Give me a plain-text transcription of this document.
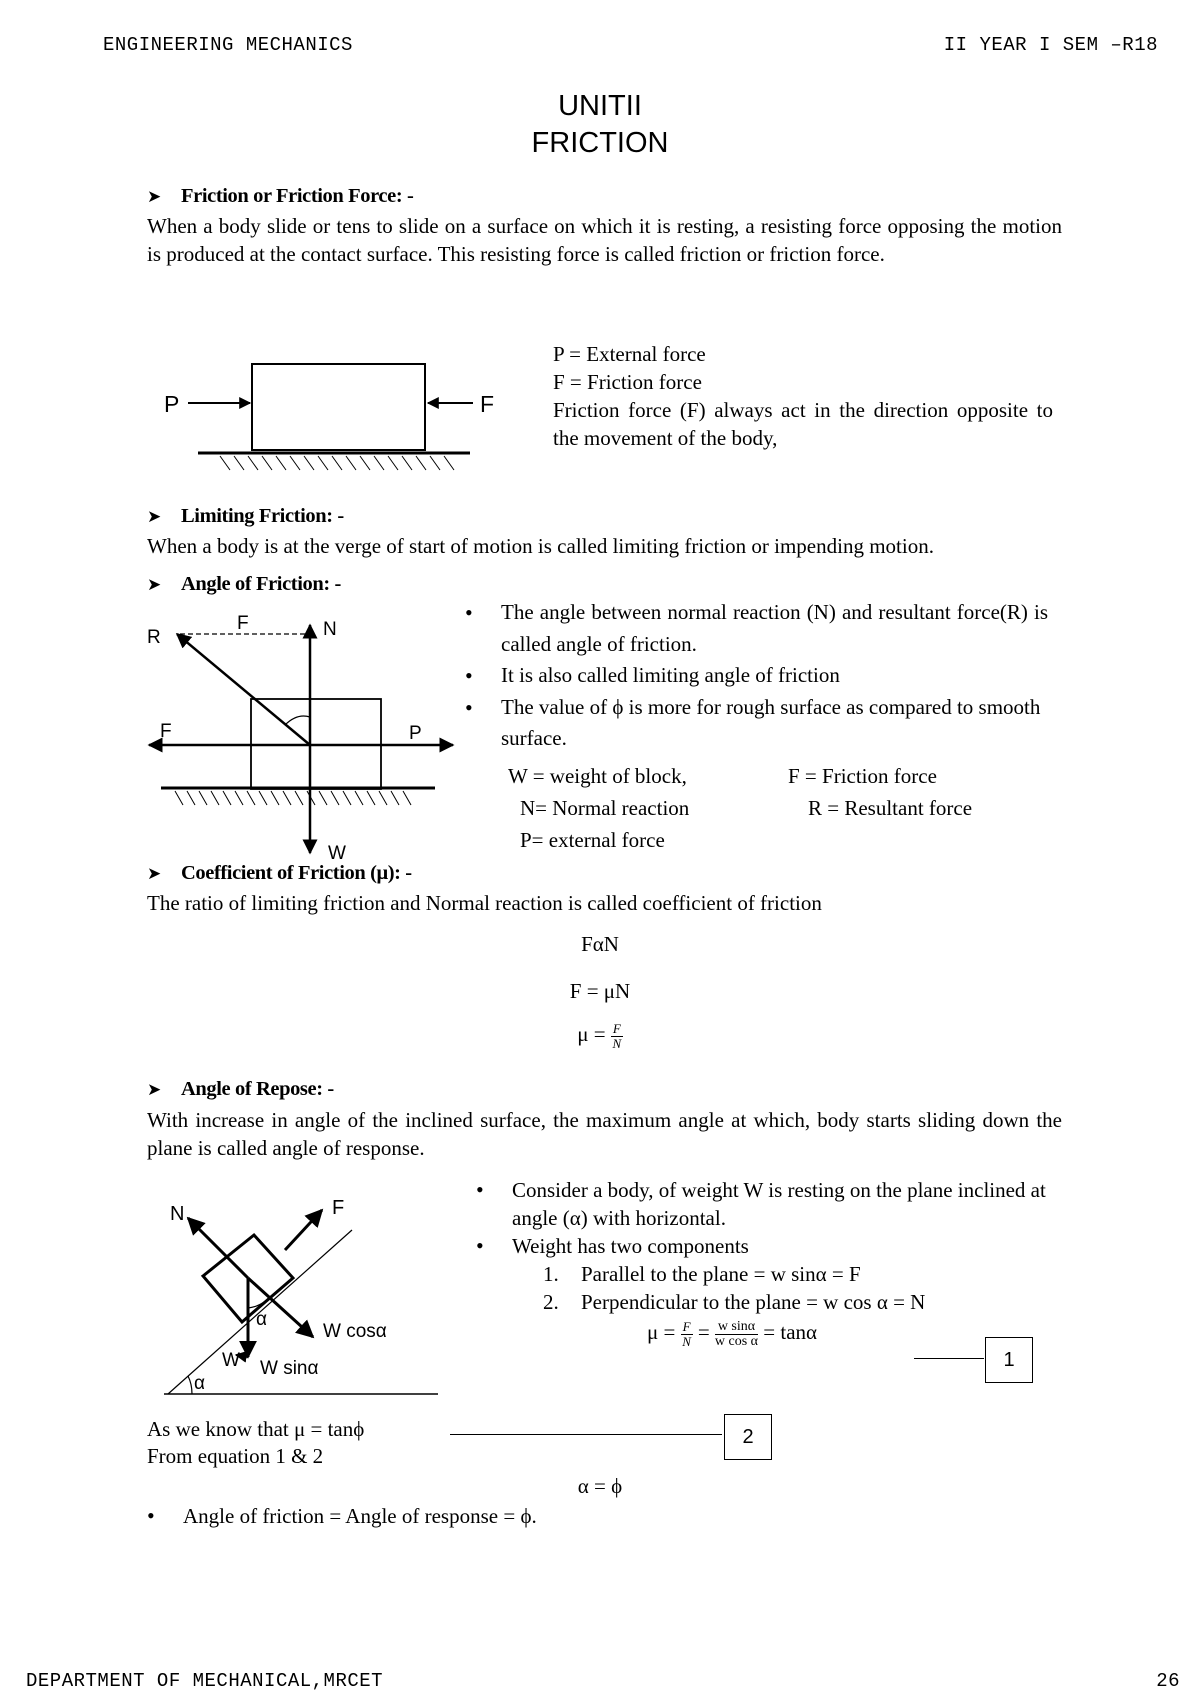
ENGINEERING MECHANICS	II YEAR I SEM –R18
UNITII
FRICTION
➤ Friction or Friction Force: -
When a body slide or tens to slide on a surface on which it is resting, a resisting force opposing the motion is produced at the contact surface. This resisting force is called friction or friction force.
P	F
P = External force
F = Friction force
Friction force (F) always act in the direction opposite to the movement of the body,
➤ Limiting Friction: -
When a body is at the verge of start of motion is called limiting friction or impending motion.
➤ Angle of Friction: -
R
F	N
F	P
W
• The angle between normal reaction (N) and resultant force(R) is called angle of friction.
• It is also called limiting angle of friction
• The value of ϕ is more for rough surface as compared to smooth surface.
W = weight of block,	F = Friction force
N= Normal reaction	R = Resultant force
P= external force
➤ Coefficient of Friction (μ): -
The ratio of limiting friction and Normal reaction is called coefficient of friction
FαN
F = μN
$\mu = \frac{F}{N}$
➤ Angle of Repose: -
With increase in angle of the inclined surface, the maximum angle at which, body starts sliding down the plane is called angle of response.
N	F
α
W cosα
W W sinα
α
• Consider a body, of weight W is resting on the plane inclined at angle (α) with horizontal.
• Weight has two components
1. Parallel to the plane = w sinα = F
2. Perpendicular to the plane = w cos α = N
$\mu = \frac{F}{N} = \frac{\text{w sinα}}{\text{w cos α}} = \tan\alpha$
1
As we know that μ = tanϕ	2
From equation 1 & 2
α = ϕ
• Angle of friction = Angle of response = ϕ.
DEPARTMENT OF MECHANICAL,MRCET	26
